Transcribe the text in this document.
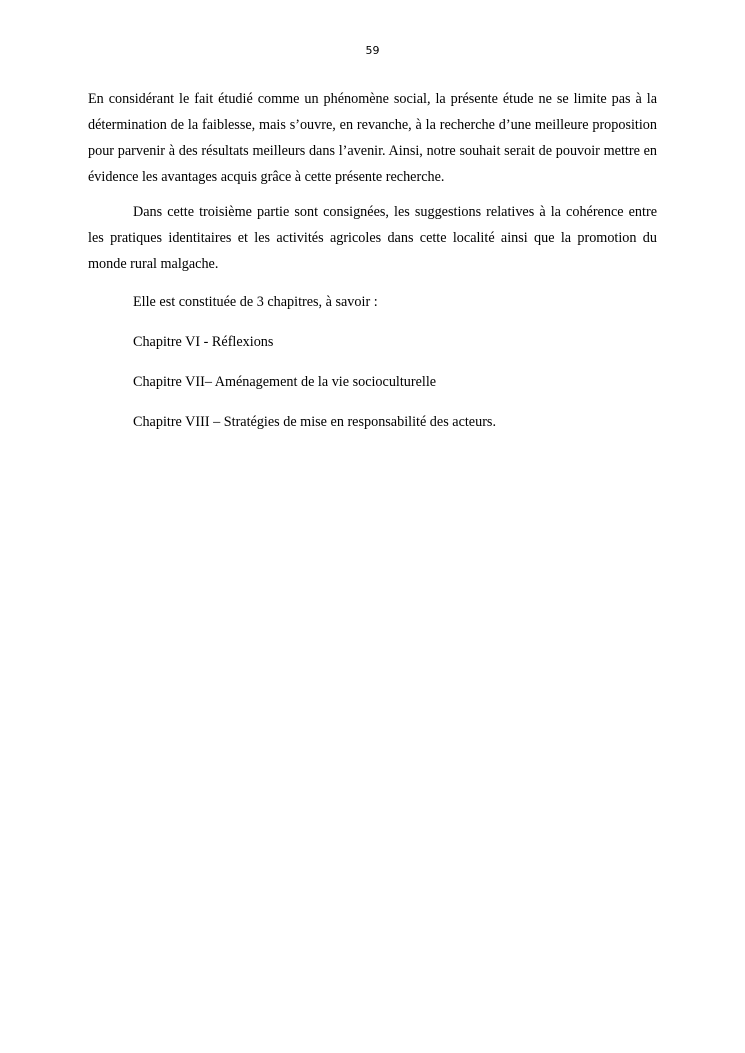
59

En considérant le fait étudié comme un phénomène social, la présente étude ne se limite pas à la détermination de la faiblesse, mais s’ouvre, en revanche, à la recherche d’une meilleure proposition pour parvenir à des résultats meilleurs dans l’avenir. Ainsi, notre souhait serait de pouvoir mettre en évidence les avantages acquis grâce à cette présente recherche.

Dans cette troisième partie sont consignées, les suggestions relatives à la cohérence entre les pratiques identitaires et les activités agricoles dans cette localité ainsi que la promotion du monde rural malgache.

Elle est constituée de 3 chapitres, à savoir :

Chapitre VI - Réflexions

Chapitre VII– Aménagement de la vie socioculturelle

Chapitre VIII – Stratégies de mise en responsabilité des acteurs.
